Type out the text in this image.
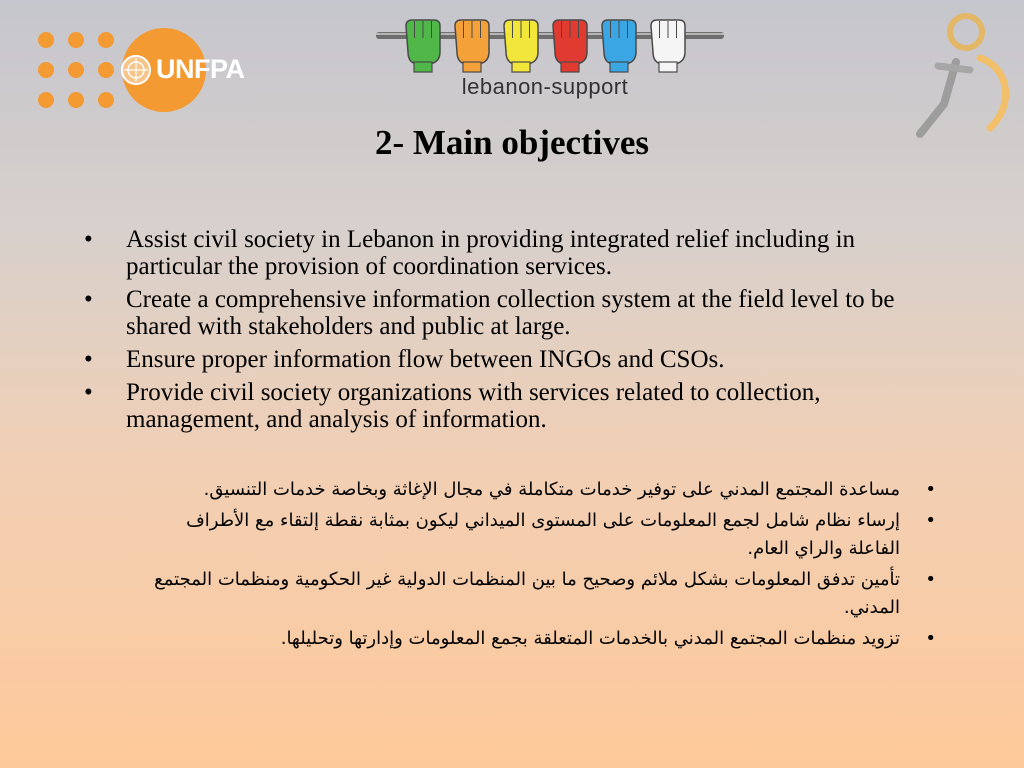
UNFPA
lebanon-support
2- Main objectives
• Assist civil society in Lebanon in providing integrated relief including in particular the provision of coordination services.
• Create a comprehensive information collection system at the field level to be shared with stakeholders and public at large.
• Ensure proper information flow between INGOs and CSOs.
• Provide civil society organizations with services related to collection, management, and analysis of information.
• مساعدة المجتمع المدني على توفير خدمات متكاملة في مجال الإغاثة وبخاصة خدمات التنسيق.
• إرساء نظام شامل لجمع المعلومات على المستوى الميداني ليكون بمثابة نقطة إلتقاء مع الأطراف الفاعلة والراي العام.
• تأمين تدفق المعلومات بشكل ملائم وصحيح ما بين المنظمات الدولية غير الحكومية ومنظمات المجتمع المدني.
• تزويد منظمات المجتمع المدني بالخدمات المتعلقة بجمع المعلومات وإدارتها وتحليلها.
